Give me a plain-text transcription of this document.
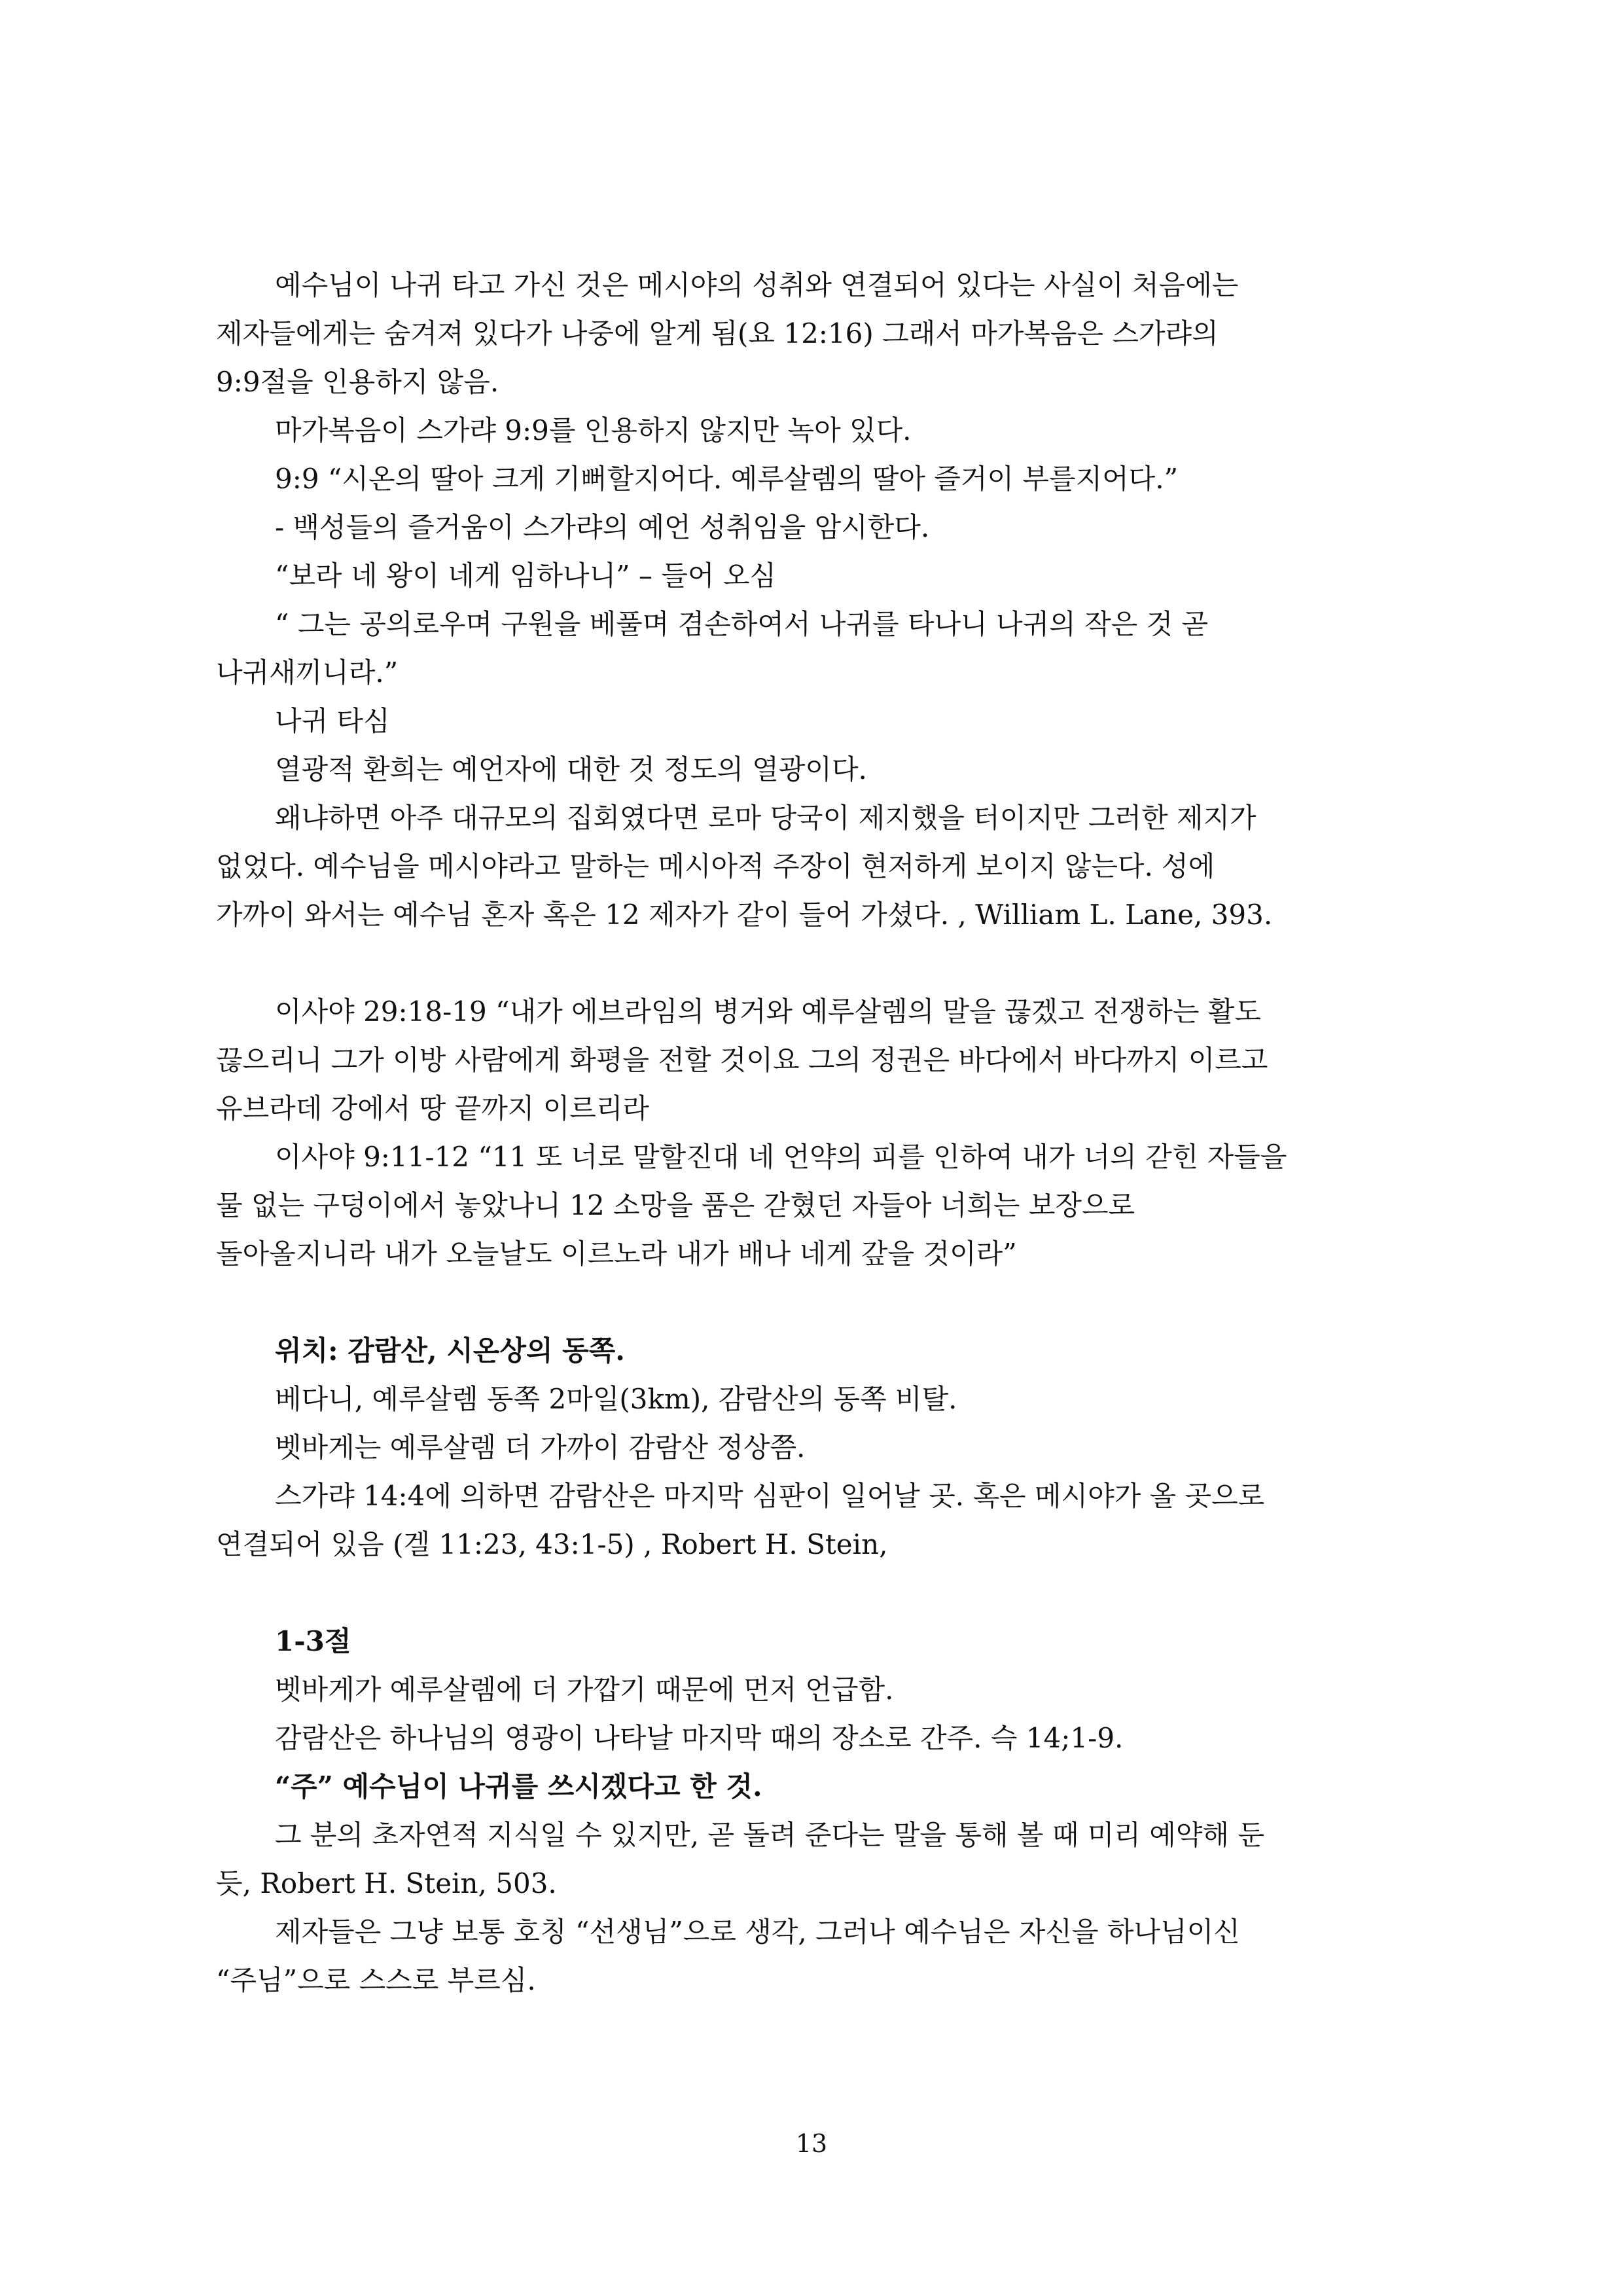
예수님이 나귀 타고 가신 것은 메시야의 성취와 연결되어 있다는 사실이 처음에는
제자들에게는 숨겨져 있다가 나중에 알게 됨(요 12:16) 그래서 마가복음은 스가랴의
9:9절을 인용하지 않음.
마가복음이 스가랴 9:9를 인용하지 않지만 녹아 있다.
9:9 “시온의 딸아 크게 기뻐할지어다. 예루살렘의 딸아 즐거이 부를지어다.”
- 백성들의 즐거움이 스가랴의 예언 성취임을 암시한다.
“보라 네 왕이 네게 임하나니” – 들어 오심
“ 그는 공의로우며 구원을 베풀며 겸손하여서 나귀를 타나니 나귀의 작은 것 곧
나귀새끼니라.”
나귀 타심
열광적 환희는 예언자에 대한 것 정도의 열광이다.
왜냐하면 아주 대규모의 집회였다면 로마 당국이 제지했을 터이지만 그러한 제지가
없었다. 예수님을 메시야라고 말하는 메시아적 주장이 현저하게 보이지 않는다. 성에
가까이 와서는 예수님 혼자 혹은 12 제자가 같이 들어 가셨다. , William L. Lane, 393.
이사야 29:18-19 “내가 에브라임의 병거와 예루살렘의 말을 끊겠고 전쟁하는 활도
끊으리니 그가 이방 사람에게 화평을 전할 것이요 그의 정권은 바다에서 바다까지 이르고
유브라데 강에서 땅 끝까지 이르리라
이사야 9:11-12 “11 또 너로 말할진대 네 언약의 피를 인하여 내가 너의 갇힌 자들을
물 없는 구덩이에서 놓았나니 12 소망을 품은 갇혔던 자들아 너희는 보장으로
돌아올지니라 내가 오늘날도 이르노라 내가 배나 네게 갚을 것이라”
위치: 감람산, 시온상의 동쪽.
베다니, 예루살렘 동쪽 2마일(3km), 감람산의 동쪽 비탈.
벳바게는 예루살렘 더 가까이 감람산 정상쯤.
스가랴 14:4에 의하면 감람산은 마지막 심판이 일어날 곳. 혹은 메시야가 올 곳으로
연결되어 있음 (겔 11:23, 43:1-5) , Robert H. Stein,
1-3절
벳바게가 예루살렘에 더 가깝기 때문에 먼저 언급함.
감람산은 하나님의 영광이 나타날 마지막 때의 장소로 간주. 슥 14;1-9.
“주” 예수님이 나귀를 쓰시겠다고 한 것.
그 분의 초자연적 지식일 수 있지만, 곧 돌려 준다는 말을 통해 볼 때 미리 예약해 둔
듯, Robert H. Stein, 503.
제자들은 그냥 보통 호칭 “선생님”으로 생각, 그러나 예수님은 자신을 하나님이신
“주님”으로 스스로 부르심.
13
